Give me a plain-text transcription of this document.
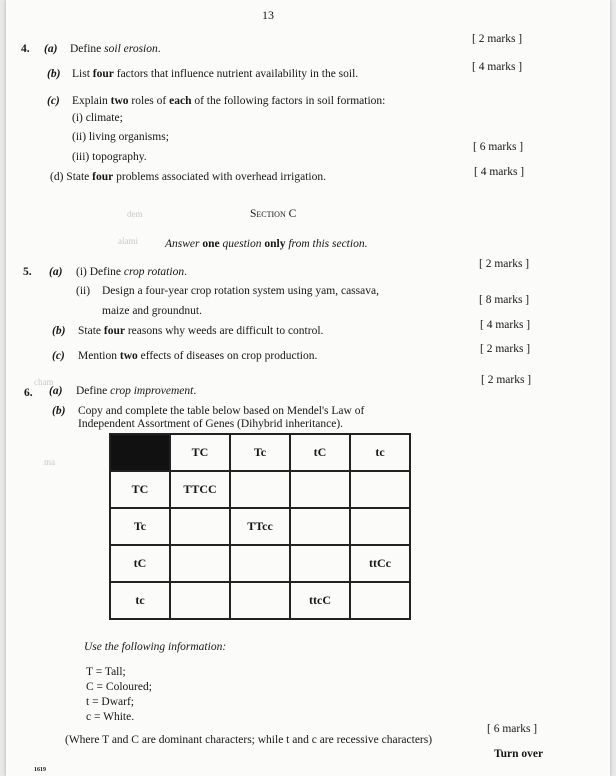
13
4. (a) Define soil erosion.
[ 2 marks ]
(b) List four factors that influence nutrient availability in the soil.
[ 4 marks ]
(c) Explain two roles of each of the following factors in soil formation:
(i) climate;
(ii) living organisms;
(iii) topography.
[ 6 marks ]
(d) State four problems associated with overhead irrigation.	[ 4 marks ]
dem
alami
cham
ma
Section C
Answer one question only from this section.
5. (a) (i) Define crop rotation.
[ 2 marks ]
(ii) Design a four-year crop rotation system using yam, cassava,
maize and groundnut.
[ 8 marks ]
(b) State four reasons why weeds are difficult to control.	[ 4 marks ]
(c) Mention two effects of diseases on crop production.
[ 2 marks ]
6. (a) Define crop improvement.
[ 2 marks ]
(b) Copy and complete the table below based on Mendel's Law of
Independent Assortment of Genes (Dihybrid inheritance).
	TC	Tc	tC	tc
TC	TTCC			
Tc		TTcc		
tC				ttCc
tc			ttcC	
Use the following information:
T = Tall;
C = Coloured;
t = Dwarf;
c = White.
(Where T and C are dominant characters; while t and c are recessive characters)
[ 6 marks ]
Turn over
1619
